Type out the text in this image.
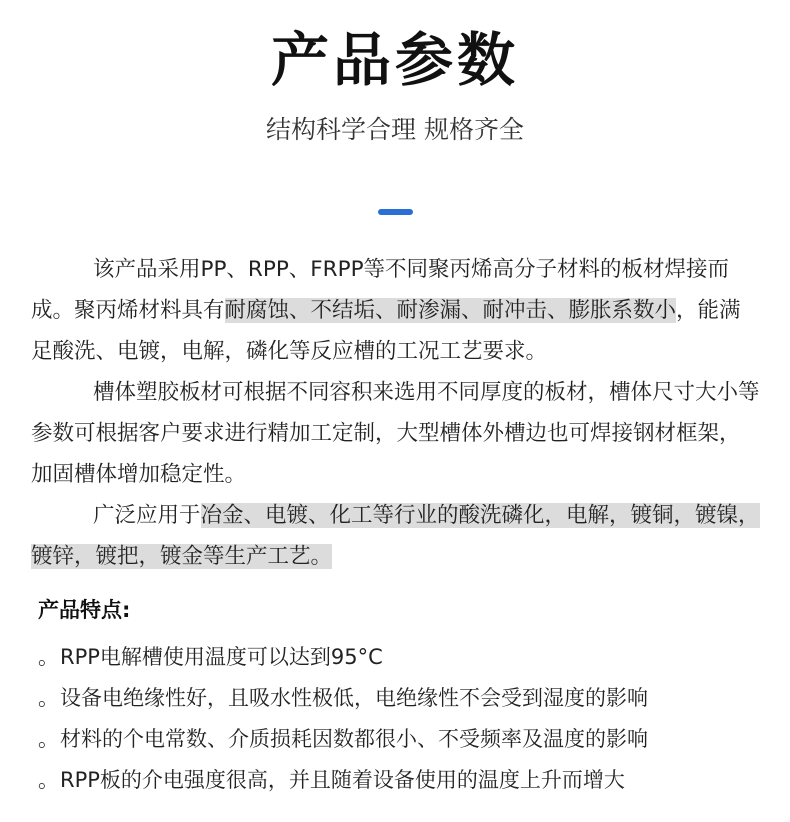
产品参数
结构科学合理 规格齐全

该产品采用PP、RPP、FRPP等不同聚丙烯高分子材料的板材焊接而成。聚丙烯材料具有耐腐蚀、不结垢、耐渗漏、耐冲击、膨胀系数小，能满足酸洗、电镀，电解，磷化等反应槽的工况工艺要求。

槽体塑胶板材可根据不同容积来选用不同厚度的板材，槽体尺寸大小等参数可根据客户要求进行精加工定制，大型槽体外槽边也可焊接钢材框架，加固槽体增加稳定性。

广泛应用于冶金、电镀、化工等行业的酸洗磷化，电解，镀铜，镀镍，镀锌，镀把，镀金等生产工艺。

产品特点:
。RPP电解槽使用温度可以达到95°C
。设备电绝缘性好，且吸水性极低，电绝缘性不会受到湿度的影响
。材料的个电常数、介质损耗因数都很小、不受频率及温度的影响
。RPP板的介电强度很高，并且随着设备使用的温度上升而增大
